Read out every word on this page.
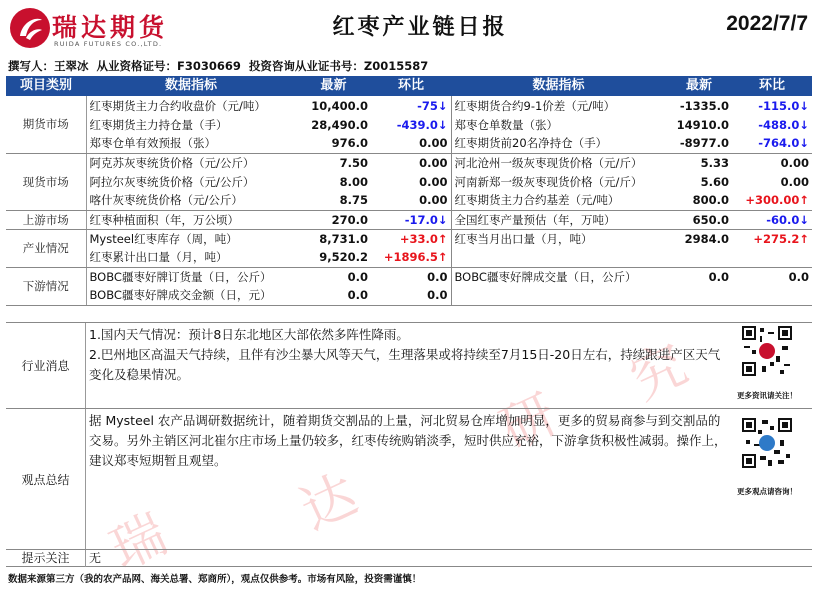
瑞
达
研
究
瑞达期货
RUIDA FUTURES CO.,LTD.
红枣产业链日报	2022/7/7
撰写人：王翠冰 从业资格证号：F3030669 投资咨询从业证书号：Z0015587
项目类别	数据指标	最新	环比	数据指标	最新	环比
期货市场	红枣期货主力合约收盘价（元/吨）	10,400.0	-75↓	红枣期货合约9-1价差（元/吨）	-1335.0	-115.0↓
	红枣期货主力持仓量（手）	28,490.0	-439.0↓	郑枣仓单数量（张）	14910.0	-488.0↓
	郑枣仓单有效预报（张）	976.0	0.00	红枣期货前20名净持仓（手）	-8977.0	-764.0↓
现货市场	阿克苏灰枣统货价格（元/公斤）	7.50	0.00	河北沧州一级灰枣现货价格（元/斤）	5.33	0.00
	阿拉尔灰枣统货价格（元/公斤）	8.00	0.00	河南新郑一级灰枣现货价格（元/斤）	5.60	0.00
	喀什灰枣统货价格（元/公斤）	8.75	0.00	红枣期货主力合约基差（元/吨）	800.0	+300.00↑
上游市场	红枣种植面积（年，万公顷）	270.0	-17.0↓	全国红枣产量预估（年，万吨）	650.0	-60.0↓
产业情况	Mysteel红枣库存（周，吨）	8,731.0	+33.0↑	红枣当月出口量（月，吨）	2984.0	+275.2↑
	红枣累计出口量（月，吨）	9,520.2	+1896.5↑			
下游情况	BOBC疆枣好牌订货量（日，公斤）	0.0	0.0	BOBC疆枣好牌成交量（日，公斤）	0.0	0.0
	BOBC疆枣好牌成交金额（日，元）	0.0	0.0			
行业消息
1.国内天气情况：预计8日东北地区大部依然多阵性降雨。
2.巴州地区高温天气持续，且伴有沙尘暴大风等天气，生理落果或将持续至7月15日-20日左右，持续跟进产区天气变化及稳果情况。
更多资讯请关注！
观点总结
据 Mysteel 农产品调研数据统计，随着期货交割品的上量，河北贸易仓库增加明显，更多的贸易商参与到交割品的交易。另外主销区河北崔尔庄市场上量仍较多，红枣传统购销淡季，短时供应充裕，下游拿货积极性减弱。操作上，建议郑枣短期暂且观望。
更多观点请咨询！
提示关注	无
数据来源第三方（我的农产品网、海关总署、郑商所），观点仅供参考。市场有风险，投资需谨慎！
